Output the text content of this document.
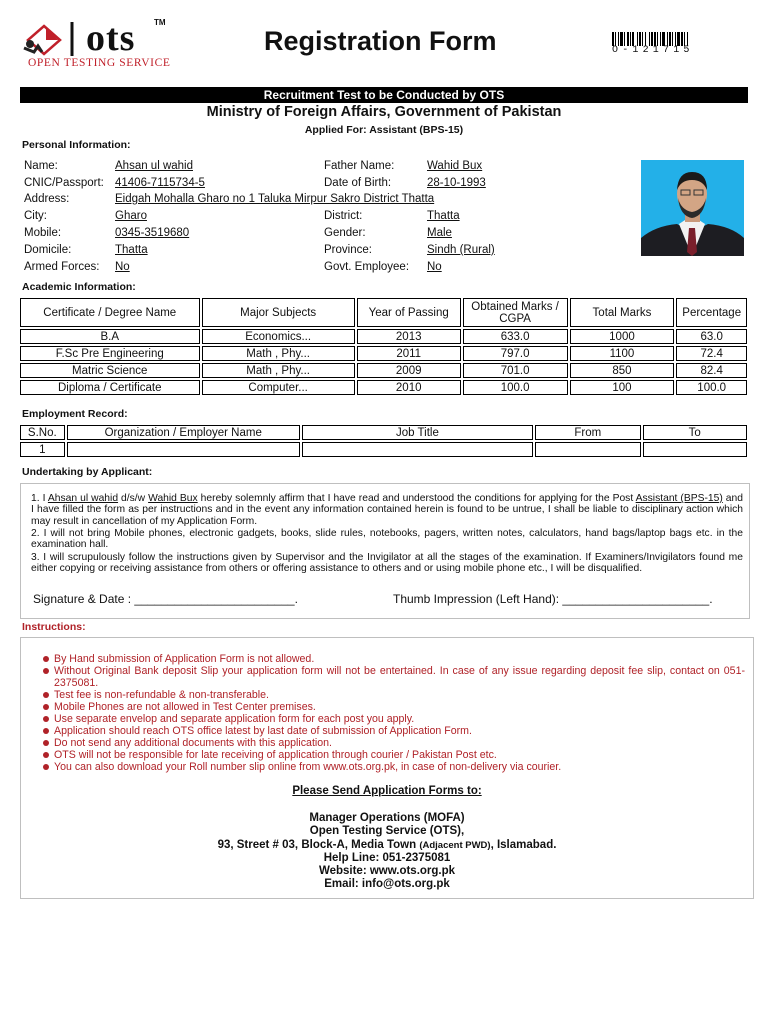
ots TM
OPEN TESTING SERVICE
Registration Form	O-121715
Recruitment Test to be Conducted by OTS
Ministry of Foreign Affairs, Government of Pakistan
Applied For: Assistant (BPS-15)
Personal Information:
Name:	Ahsan ul wahid	Father Name:	Wahid Bux
CNIC/Passport: 41406-7115734-5	Date of Birth:	28-10-1993
Address:	Eidgah Mohalla Gharo no 1 Taluka Mirpur Sakro District Thatta
City:	Gharo	District:	Thatta
Mobile:	0345-3519680	Gender:	Male
Domicile:	Thatta	Province:	Sindh (Rural)
Armed Forces: No	Govt. Employee: No
Academic Information:
Certificate / Degree Name	Major Subjects	Year of Passing	Obtained Marks / CGPA	Total Marks	Percentage
B.A	Economics...	2013	633.0	1000	63.0
F.Sc Pre Engineering	Math , Phy...	2011	797.0	1100	72.4
Matric Science	Math , Phy...	2009	701.0	850	82.4
Diploma / Certificate	Computer...	2010	100.0	100	100.0
Employment Record:
S.No.	Organization / Employer Name	Job Title	From	To
1				
Undertaking by Applicant:
1. I Ahsan ul wahid d/s/w Wahid Bux hereby solemnly affirm that I have read and understood the conditions for applying for the Post Assistant (BPS-15) and I have filled the form as per instructions and in the event any information contained herein is found to be untrue, I shall be liable to disciplinary action which may result in cancellation of my Application Form.
2. I will not bring Mobile phones, electronic gadgets, books, slide rules, notebooks, pagers, written notes, calculators, hand bags/laptop bags etc. in the examination hall.
3. I will scrupulously follow the instructions given by Supervisor and the Invigilator at all the stages of the examination. If Examiners/Invigilators found me either copying or receiving assistance from others or offering assistance to others and or using mobile phone etc., I will be disqualified.
Signature & Date : ________________________.	Thumb Impression (Left Hand): ______________________.
Instructions:
By Hand submission of Application Form is not allowed.
Without Original Bank deposit Slip your application form will not be entertained. In case of any issue regarding deposit fee slip, contact on 051-2375081.
Test fee is non-refundable & non-transferable.
Mobile Phones are not allowed in Test Center premises.
Use separate envelop and separate application form for each post you apply.
Application should reach OTS office latest by last date of submission of Application Form.
Do not send any additional documents with this application.
OTS will not be responsible for late receiving of application through courier / Pakistan Post etc.
You can also download your Roll number slip online from www.ots.org.pk, in case of non-delivery via courier.
Please Send Application Forms to:
Manager Operations (MOFA)
Open Testing Service (OTS),
93, Street # 03, Block-A, Media Town (Adjacent PWD), Islamabad.
Help Line: 051-2375081
Website: www.ots.org.pk
Email: info@ots.org.pk
